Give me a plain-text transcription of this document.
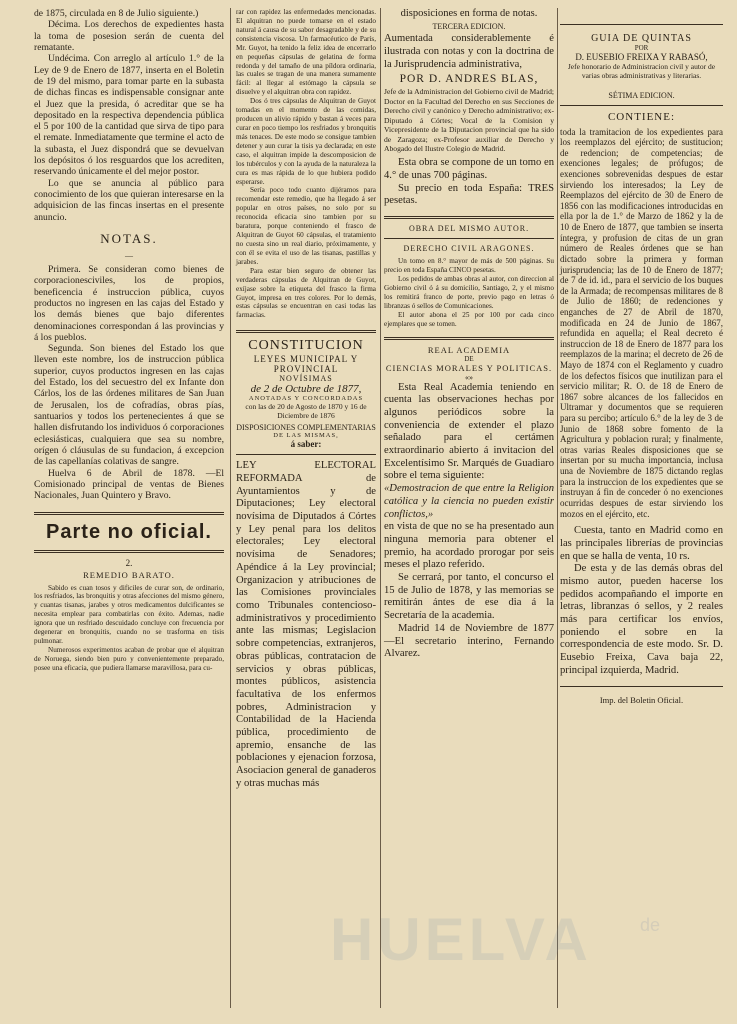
de 1875, circulada en 8 de Julio siguiente.)

Décima. Los derechos de expedientes hasta la toma de posesion serán de cuenta del rematante.

Undécima. Con arreglo al artículo 1.° de la Ley de 9 de Enero de 1877, inserta en el Boletin de 19 del mismo, para tomar parte en la subasta de dichas fincas es indispensable consignar ante el Juez que la presida, ó acreditar que se ha depositado en la respectiva dependencia pública el 5 por 100 de la cantidad que sirva de tipo para el remate. Inmediatamente que termine el acto de la subasta, el Juez dispondrá que se devuelvan los depósitos ó los resguardos que los acrediten, reservando únicamente el del mejor postor.

Lo que se anuncia al público para conocimiento de los que quieran interesarse en la adquisicion de las fincas insertas en el presente anuncio.

NOTAS.
—

Primera. Se consideran como bienes de corporacionesciviles, los de propios, beneficencia é instruccion pública, cuyos productos no ingresen en las cajas del Estado y los demás bienes que bajo diferentes denominaciones correspondan á las provincias y á los pueblos.

Segunda. Son bienes del Estado los que lleven este nombre, los de instruccion pública superior, cuyos productos ingresen en las cajas del Estado, los del secuestro del ex Infante don Cárlos, los de las órdenes militares de San Juan de Jerusalen, los de cofradías, obras pías, santuarios y todos los pertenecientes á que se hallen disfrutando los individuos ó corporaciones eclesiásticas, cualquiera que sea su nombre, orígen ó cláusulas de su fundacion, á excepcion de las capellanías colativas de sangre.

Huelva 6 de Abril de 1878. —El Comisionado principal de ventas de Bienes Nacionales, Juan Quintero y Bravo.

Parte no oficial.
2.
REMEDIO BARATO.

Sabido es cuan tosos y dificiles de curar son, de ordinario, los resfriados, las bronquitis y otras afecciones del mismo género, y cuantas tisanas, jarabes y otros medicamentos dulcificantes se necesita emplear para combatirlas con éxito. Ademas, nadie ignora que un resfriado descuidado concluye con frecuencia por degenerar en bronquitis, cuando no se trasforma en tisis pulmonar.

Numerosos experimentos acaban de probar que el alquitran de Noruega, siendo bien puro y convenientemente preparado, posee una eficacia, que pudiera llamarse maravillosa, para cu-

rar con rapidez las enfermedades mencionadas. El alquitran no puede tomarse en el estado natural á causa de su sabor desagradable y de su consistencia viscosa. Un farmacéutico de París, Mr. Guyot, ha tenido la feliz idea de encerrarlo en pequeñas cápsulas de gelatina de forma redonda y del tamaño de una píldora ordinaria, las cuales se tragan de una manera sumamente fácil: al llegar al estómago la cápsula se disuelve y el alquitran obra con rapidez.

Dos ó tres cápsulas de Alquitran de Guyot tomadas en el momento de las comidas, producen un alivio rápido y bastan á veces para curar en poco tiempo los resfriados y bronquitis más tenaces. De este modo se consigue tambien detener y aun curar la tisis ya declarada; en este caso, el alquitran impide la descomposicion de los tubérculos y con la ayuda de la naturaleza la cura es mas rápida de lo que hubiera podido esperarse.

Sería poco todo cuanto dijéramos para recomendar este remedio, que ha llegado á ser popular en otros países, no solo por su reconocida eficacia sino tambien por su baratura, porque conteniendo el frasco de Alquitran de Guyot 60 cápsulas, el tratamiento no cuesta sino un real diario, próximamente, y con él se evita el uso de las tisanas, pastillas y jarabes.

Para estar bien seguro de obtener las verdaderas cápsulas de Alquitran de Guyot, exíjase sobre la etiqueta del frasco la firma Guyot, impresa en tres colores. Por lo demás, estas cápsulas se encuentran en casi todas las farmacias.

CONSTITUCION
LEYES MUNICIPAL Y PROVINCIAL
NOVÍSIMAS
de 2 de Octubre de 1877,
ANOTADAS Y CONCORDADAS
con las de 20 de Agosto de 1870 y 16 de Diciembre de 1876
DISPOSICIONES COMPLEMENTARIAS
DE LAS MISMAS,
á saber:

LEY ELECTORAL REFORMADA de Ayuntamientos y de Diputaciones; Ley electoral novísima de Diputados á Córtes y Ley penal para los delitos electorales; Ley electoral novísima de Senadores; Apéndice á la Ley provincial; Organizacion y atribuciones de las Comisiones provinciales como Tribunales contencioso-administrativos y procedimiento ante las mismas; Legislacion sobre competencias, extranjeros, obras públicas, contratacion de servicios y obras públicas, montes públicos, asistencia facultativa de los enfermos pobres, Administracion y Contabilidad de la Hacienda pública, procedimiento de apremio, ensanche de las poblaciones y ejenacion forzosa, Asociacion general de ganaderos y otras muchas más

disposiciones en forma de notas.

TERCERA EDICION.

Aumentada considerablemente é ilustrada con notas y con la doctrina de la Jurisprudencia administrativa,

POR D. ANDRES BLAS,

Jefe de la Administracion del Gobierno civil de Madrid; Doctor en la Facultad del Derecho en sus Secciones de Derecho civil y canónico y Derecho administrativo; ex-Diputado á Córtes; Vocal de la Comision y Vicepresidente de la Diputacion provincial que ha sido de Zaragoza; ex-Profesor auxiliar de Derecho y Abogado del Ilustre Colegio de Madrid.

Esta obra se compone de un tomo en 4.° de unas 700 páginas.

Su precio en toda España: TRES pesetas.

OBRA DEL MISMO AUTOR.
DERECHO CIVIL ARAGONES.

Un tomo en 8.° mayor de más de 500 páginas. Su precio en toda España CINCO pesetas.

Los pedidos de ambas obras al autor, con direccion al Gobierno civil ó á su domicilio, Santiago, 2, y el mismo los remitirá franco de porte, previo pago en letras ó libranzas ó sellos de Comunicaciones.

El autor abona el 25 por 100 por cada cinco ejemplares que se tomen.

REAL ACADEMIA
DE
CIENCIAS MORALES Y POLITICAS.
«»

Esta Real Academia teniendo en cuenta las observaciones hechas por algunos periódicos sobre la conveniencia de extender el plazo señalado para el certámen extraordinario abierto á invitacion del Excelentísimo Sr. Marqués de Guadiaro sobre el tema siguiente:

«Demostracion de que entre la Religion católica y la ciencia no pueden existir conflictos,»

en vista de que no se ha presentado aun ninguna memoria para obtener el premio, ha acordado prorogar por seis meses el plazo referido.

Se cerrará, por tanto, el concurso el 15 de Julio de 1878, y las memorias se remitirán ántes de ese dia á la Secretaría de la academia.

Madrid 14 de Noviembre de 1877 —El secretario interino, Fernando Alvarez.

GUIA DE QUINTAS
POR
D. EUSEBIO FREIXA Y RABASÓ,

Jefe honorario de Administracion civil y autor de varias obras administrativas y literarias.

SÉTIMA EDICION.
CONTIENE:

toda la tramitacion de los expedientes para los reemplazos del ejército; de sustitucion; de redencion; de competencias; de exenciones legales; de prófugos; de exenciones sobrevenidas despues de estar sirviendo los interesados; la Ley de Reemplazos del ejército de 30 de Enero de 1856 con las modificaciones introducidas en ella por la de 1.° de Marzo de 1862 y la de 10 de Enero de 1877, que tambien se inserta íntegra, y profusion de citas de un gran número de Reales órdenes que se han dictado sobre la primera y forman jurisprudencia; las de 10 de Enero de 1877; de 7 de id. id., para el servicio de los buques de la Armada; de recompensas militares de 8 de Julio de 1860; de redenciones y enganches de 27 de Abril de 1870, modificada en 24 de Junio de 1867, refundida en aquella; el Real decreto é instruccion de 18 de Enero de 1877 para los reemplazos de la marina; el decreto de 26 de Mayo de 1874 con el Reglamento y cuadro de los defectos físicos que inutilizan para el servicio militar; R. O. de 18 de Enero de 1867 sobre alcances de los fallecidos en Ultramar y documentos que se requieren para su percibo; artículo 6.° de la ley de 3 de Junio de 1868 sobre fomento de la Agricultura y poblacion rural; y finalmente, otras varias Reales disposiciones que se insertan por su mucha importancia, inclusa una de Noviembre de 1875 dictando reglas para la instruccion de los expedientes que se instruyan á fin de conceder ó no exenciones ocurridas despues de estar sirviendo los mozos en el ejército, etc.

Cuesta, tanto en Madrid como en las principales librerías de provincias en que se halla de venta, 10 rs.

De esta y de las demás obras del mismo autor, pueden hacerse los pedidos acompañando el importe en letras, libranzas ó sellos, y 2 reales más para certificar los envíos, poniendo el sobre en la correspondencia de este modo. Sr. D. Eusebio Freixa, Cava baja 22, principal izquierda, Madrid.

Imp. del Boletin Oficial.
HUELVA	de
